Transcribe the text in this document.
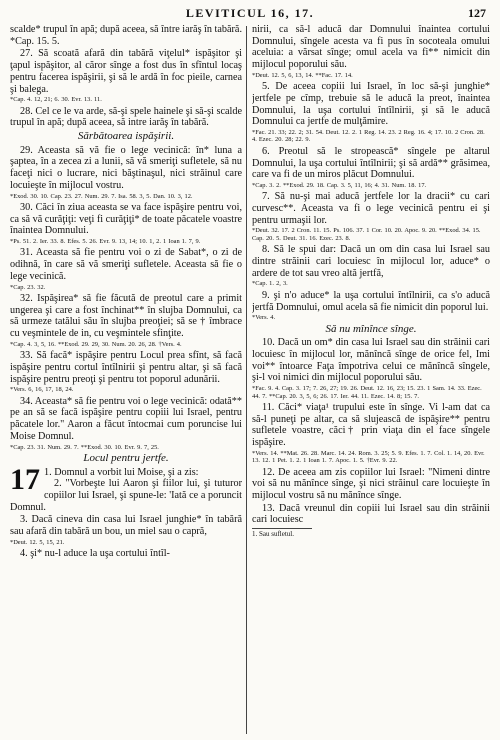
LEVITICUL 16, 17.	127

scalde* trupul în apă; după aceea, să între iarăş în tabără. *Cap. 15. 5.

27. Să scoată afară din tabără viţelul* ispăşitor şi ţapul ispăşitor, al căror sînge a fost dus în sfîntul locaş pentru facerea ispăşirii, şi să le ardă în foc pieile, carnea şi balega.

*Cap. 4. 12, 21; 6. 30. Evr. 13. 11.

28. Cel ce le va arde, să-şi spele hainele şi să-şi scalde trupul în apă; după aceea, să intre iarăş în tabără.

Sărbătoarea ispăşirii.

29. Aceasta să vă fie o lege vecinică: în* luna a şaptea, în a zecea zi a lunii, să vă smeriţi sufletele, să nu faceţi nici o lucrare, nici băştinaşul, nici străinul care locuieşte în mijlocul vostru.

*Exod. 30. 10. Cap. 23. 27. Num. 29. 7. Isa. 58. 3, 5. Dan. 10. 3, 12.

30. Căci în ziua aceasta se va face ispăşire pentru voi, ca să vă curăţiţi: veţi fi curăţiţi* de toate păcatele voastre înaintea Domnului.

*Ps. 51. 2. Ier. 33. 8. Efes. 5. 26. Evr. 9. 13, 14; 10. 1, 2. 1 Ioan 1. 7, 9.

31. Aceasta să fie pentru voi o zi de Sabat*, o zi de odihnă, în care să vă smeriţi sufletele. Aceasta să fie o lege vecinică.

*Cap. 23. 32.

32. Ispăşirea* să fie făcută de preotul care a primit ungerea şi care a fost închinat** în slujba Domnului, ca să urmeze tatălui său în slujba preoţiei; să se † îmbrace cu veşmintele de in, cu veşmintele sfinţite.

*Cap. 4. 3, 5, 16. **Exod. 29. 29, 30. Num. 20. 26, 28. †Vers. 4.

33. Să facă* ispăşire pentru Locul prea sfînt, să facă ispăşire pentru cortul întîlnirii şi pentru altar, şi să facă ispăşire pentru preoţi şi pentru tot poporul adunării.

*Vers. 6, 16, 17, 18, 24.

34. Aceasta* să fie pentru voi o lege vecinică: odată** pe an să se facă ispăşire pentru copiii lui Israel, pentru păcatele lor." Aaron a făcut întocmai cum poruncise lui Moise Domnul.

*Cap. 23. 31. Num. 29. 7. **Exod. 30. 10. Evr. 9. 7, 25.

Locul pentru jertfe.

17 1. Domnul a vorbit lui Moise, şi a zis:

2. "Vorbeşte lui Aaron şi fiilor lui, şi tuturor copiilor lui Israel, şi spune-le: 'Iată ce a poruncit Domnul.

3. Dacă cineva din casa lui Israel junghie* în tabără sau afară din tabără un bou, un miel sau o capră,

*Deut. 12. 5, 15, 21.

4. şi* nu-l aduce la uşa cortului întîl-

nirii, ca să-l aducă dar Domnului înaintea cortului Domnului, sîngele acesta va fi pus în socoteala omului aceluia: a vărsat sînge; omul acela va fi** nimicit din mijlocul poporului său.

*Deut. 12. 5, 6, 13, 14. **Fac. 17. 14.

5. De aceea copiii lui Israel, în loc să-şi junghie* jertfele pe cîmp, trebuie să le aducă la preot, înaintea Domnului, la uşa cortului întîlnirii, şi să le aducă Domnului ca jertfe de mulţămire.

*Fac. 21. 33; 22. 2; 31. 54. Deut. 12. 2. 1 Reg. 14. 23. 2 Reg. 16. 4; 17. 10. 2 Cron. 28. 4. Ezec. 20. 28; 22. 9.

6. Preotul să le stropească* sîngele pe altarul Domnului, la uşa cortului întîlnirii; şi să ardă** grăsimea, care va fi de un miros plăcut Domnului.

*Cap. 3. 2. **Exod. 29. 18. Cap. 3. 5, 11, 16; 4. 31. Num. 18. 17.

7. Să nu-şi mai aducă jertfele lor la dracii* cu cari curvesc**. Aceasta va fi o lege vecinică pentru ei şi pentru urmaşii lor.

*Deut. 32. 17. 2 Cron. 11. 15. Ps. 106. 37. 1 Cor. 10. 20. Apoc. 9. 20. **Exod. 34. 15. Cap. 20. 5. Deut. 31. 16. Ezec. 23. 8.

8. Să le spui dar: Dacă un om din casa lui Israel sau dintre străinii cari locuiesc în mijlocul lor, aduce* o ardere de tot sau vreo altă jertfă,

*Cap. 1. 2, 3.

9. şi n'o aduce* la uşa cortului întîlnirii, ca s'o aducă jertfă Domnului, omul acela să fie nimicit din poporul lui.

*Vers. 4.

Să nu mînînce sînge.

10. Dacă un om* din casa lui Israel sau din străinii cari locuiesc în mijlocul lor, mănîncă sînge de orice fel, Imi voi** întoarce Faţa împotriva celui ce mănîncă sîngele, şi-l voi nimici din mijlocul poporului său.

*Fac. 9. 4. Cap. 3. 17; 7. 26, 27; 19. 26. Deut. 12. 16, 23; 15. 23. 1 Sam. 14. 33. Ezec. 44. 7. **Cap. 20. 3, 5, 6; 26. 17. Ier. 44. 11. Ezec. 14. 8; 15. 7.

11. Căci* viaţa¹ trupului este în sînge. Vi l-am dat ca să-l puneţi pe altar, ca să slujească de ispăşire** pentru sufletele voastre, căci† prin viaţa din el face sîngele ispăşire.

*Vers. 14. **Mat. 26. 28. Marc. 14. 24. Rom. 3. 25; 5. 9. Efes. 1. 7. Col. 1. 14, 20. Evr. 13. 12. 1 Pet. 1. 2. 1 Ioan 1. 7. Apoc. 1. 5. †Evr. 9. 22.

12. De aceea am zis copiilor lui Israel: "Nimeni dintre voi să nu mănînce sînge, şi nici străinul care locuieşte în mijlocul vostru să nu mănînce sînge.

13. Dacă vreunul din copiii lui Israel sau din străinii cari locuiesc

1. Sau sufletul.
